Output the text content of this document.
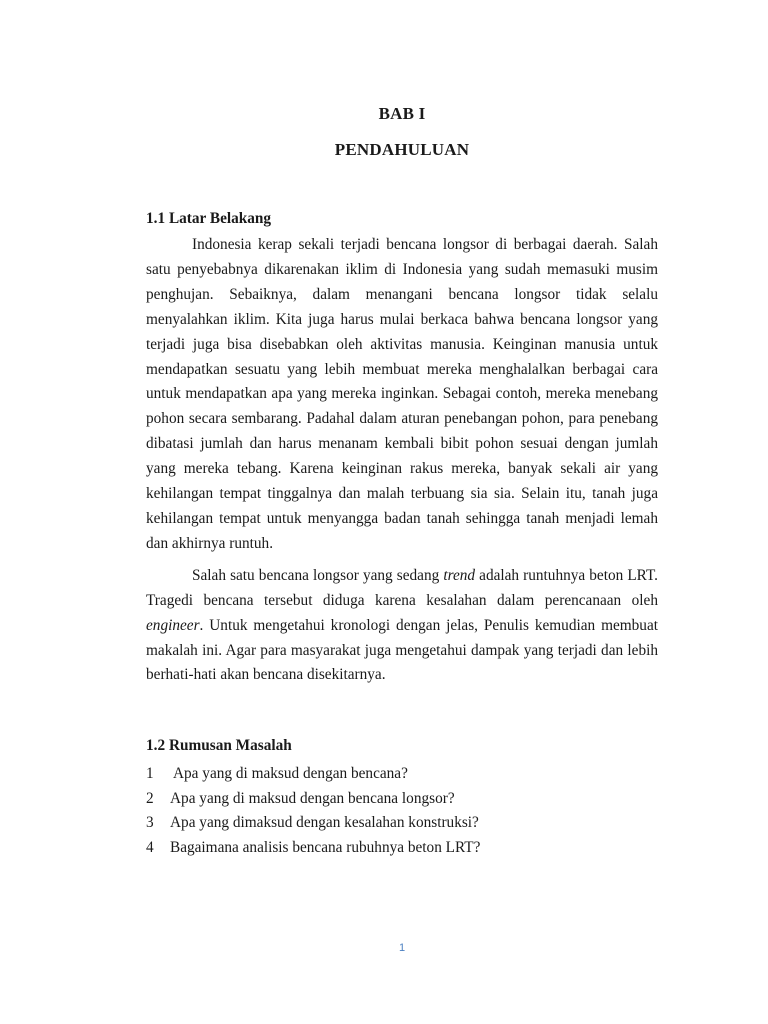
BAB I
PENDAHULUAN
1.1 Latar Belakang

Indonesia kerap sekali terjadi bencana longsor di berbagai daerah. Salah satu penyebabnya dikarenakan iklim di Indonesia yang sudah memasuki musim penghujan. Sebaiknya, dalam menangani bencana longsor tidak selalu menyalahkan iklim. Kita juga harus mulai berkaca bahwa bencana longsor yang terjadi juga bisa disebabkan oleh aktivitas manusia. Keinginan manusia untuk mendapatkan sesuatu yang lebih membuat mereka menghalalkan berbagai cara untuk mendapatkan apa yang mereka inginkan. Sebagai contoh, mereka menebang pohon secara sembarang. Padahal dalam aturan penebangan pohon, para penebang dibatasi jumlah dan harus menanam kembali bibit pohon sesuai dengan jumlah yang mereka tebang. Karena keinginan rakus mereka, banyak sekali air yang kehilangan tempat tinggalnya dan malah terbuang sia sia. Selain itu, tanah juga kehilangan tempat untuk menyangga badan tanah sehingga tanah menjadi lemah dan akhirnya runtuh.

Salah satu bencana longsor yang sedang trend adalah runtuhnya beton LRT. Tragedi bencana tersebut diduga karena kesalahan dalam perencanaan oleh engineer. Untuk mengetahui kronologi dengan jelas, Penulis kemudian membuat makalah ini. Agar para masyarakat juga mengetahui dampak yang terjadi dan lebih berhati-hati akan bencana disekitarnya.

1.2 Rumusan Masalah
1 Apa yang di maksud dengan bencana?
2 Apa yang di maksud dengan bencana longsor?
3 Apa yang dimaksud dengan kesalahan konstruksi?
4 Bagaimana analisis bencana rubuhnya beton LRT?
1
